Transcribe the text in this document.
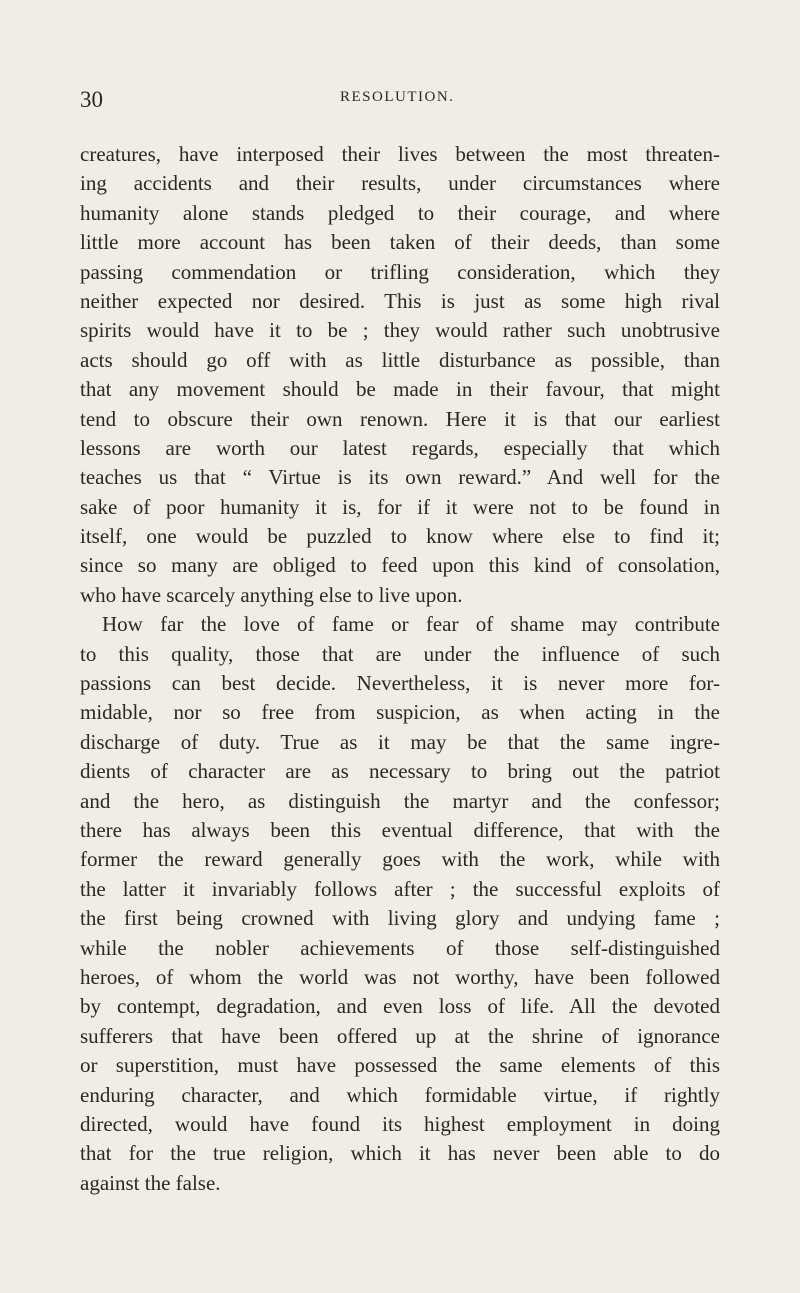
30	RESOLUTION.
creatures, have interposed their lives between the most threaten-
ing accidents and their results, under circumstances where
humanity alone stands pledged to their courage, and where
little more account has been taken of their deeds, than some
passing commendation or trifling consideration, which they
neither expected nor desired. This is just as some high rival
spirits would have it to be ; they would rather such unobtrusive
acts should go off with as little disturbance as possible, than
that any movement should be made in their favour, that might
tend to obscure their own renown. Here it is that our earliest
lessons are worth our latest regards, especially that which
teaches us that “ Virtue is its own reward.” And well for the
sake of poor humanity it is, for if it were not to be found in
itself, one would be puzzled to know where else to find it;
since so many are obliged to feed upon this kind of consolation,
who have scarcely anything else to live upon.
How far the love of fame or fear of shame may contribute
to this quality, those that are under the influence of such
passions can best decide. Nevertheless, it is never more for-
midable, nor so free from suspicion, as when acting in the
discharge of duty. True as it may be that the same ingre-
dients of character are as necessary to bring out the patriot
and the hero, as distinguish the martyr and the confessor;
there has always been this eventual difference, that with the
former the reward generally goes with the work, while with
the latter it invariably follows after ; the successful exploits of
the first being crowned with living glory and undying fame ;
while the nobler achievements of those self-distinguished
heroes, of whom the world was not worthy, have been followed
by contempt, degradation, and even loss of life. All the devoted
sufferers that have been offered up at the shrine of ignorance
or superstition, must have possessed the same elements of this
enduring character, and which formidable virtue, if rightly
directed, would have found its highest employment in doing
that for the true religion, which it has never been able to do
against the false.
